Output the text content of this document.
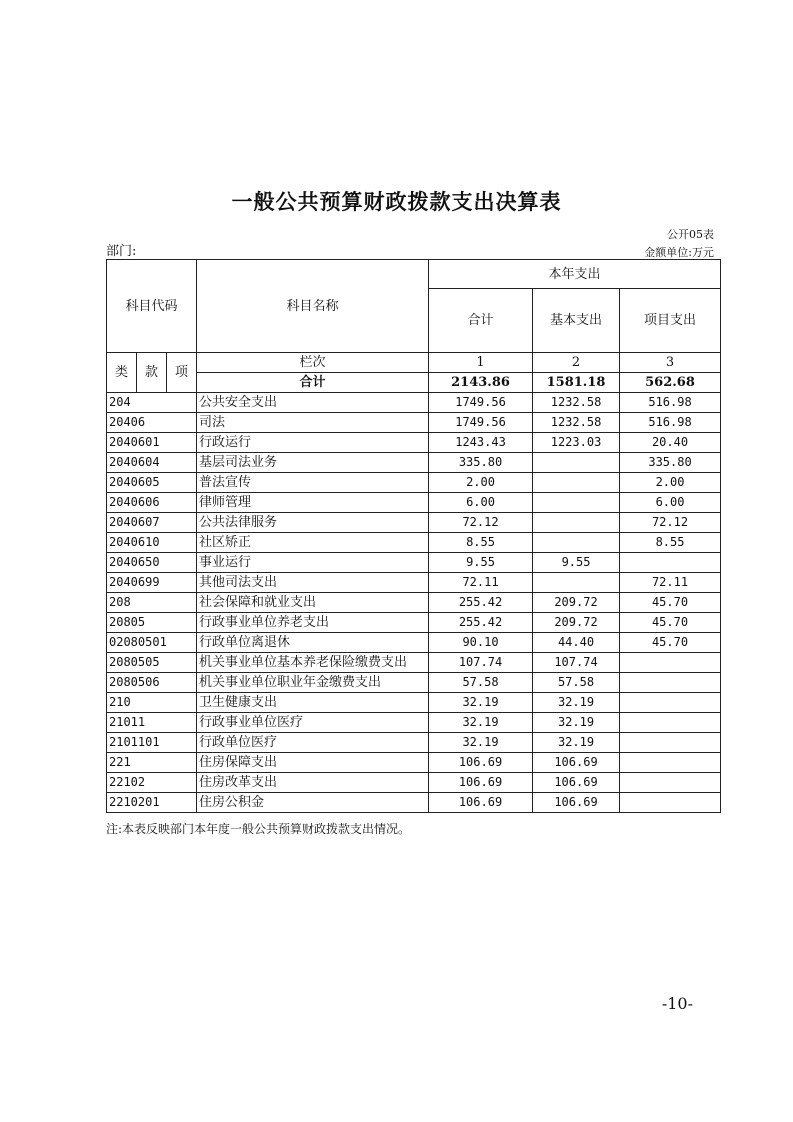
一般公共预算财政拨款支出决算表
公开05表
部门:	金额单位:万元
科目代码			科目名称	本年支出		
				合计	基本支出	项目支出
类	款	项	栏次	1	2	3
			合计	2143.86	1581.18	562.68
204			公共安全支出	1749.56	1232.58	516.98
20406			司法	1749.56	1232.58	516.98
2040601			行政运行	1243.43	1223.03	20.40
2040604			基层司法业务	335.80		335.80
2040605			普法宣传	2.00		2.00
2040606			律师管理	6.00		6.00
2040607			公共法律服务	72.12		72.12
2040610			社区矫正	8.55		8.55
2040650			事业运行	9.55	9.55	
2040699			其他司法支出	72.11		72.11
208			社会保障和就业支出	255.42	209.72	45.70
20805			行政事业单位养老支出	255.42	209.72	45.70
02080501			行政单位离退休	90.10	44.40	45.70
2080505			机关事业单位基本养老保险缴费支出	107.74	107.74	
2080506			机关事业单位职业年金缴费支出	57.58	57.58	
210			卫生健康支出	32.19	32.19	
21011			行政事业单位医疗	32.19	32.19	
2101101			行政单位医疗	32.19	32.19	
221			住房保障支出	106.69	106.69	
22102			住房改革支出	106.69	106.69	
2210201			住房公积金	106.69	106.69	
注:本表反映部门本年度一般公共预算财政拨款支出情况。
-10-
